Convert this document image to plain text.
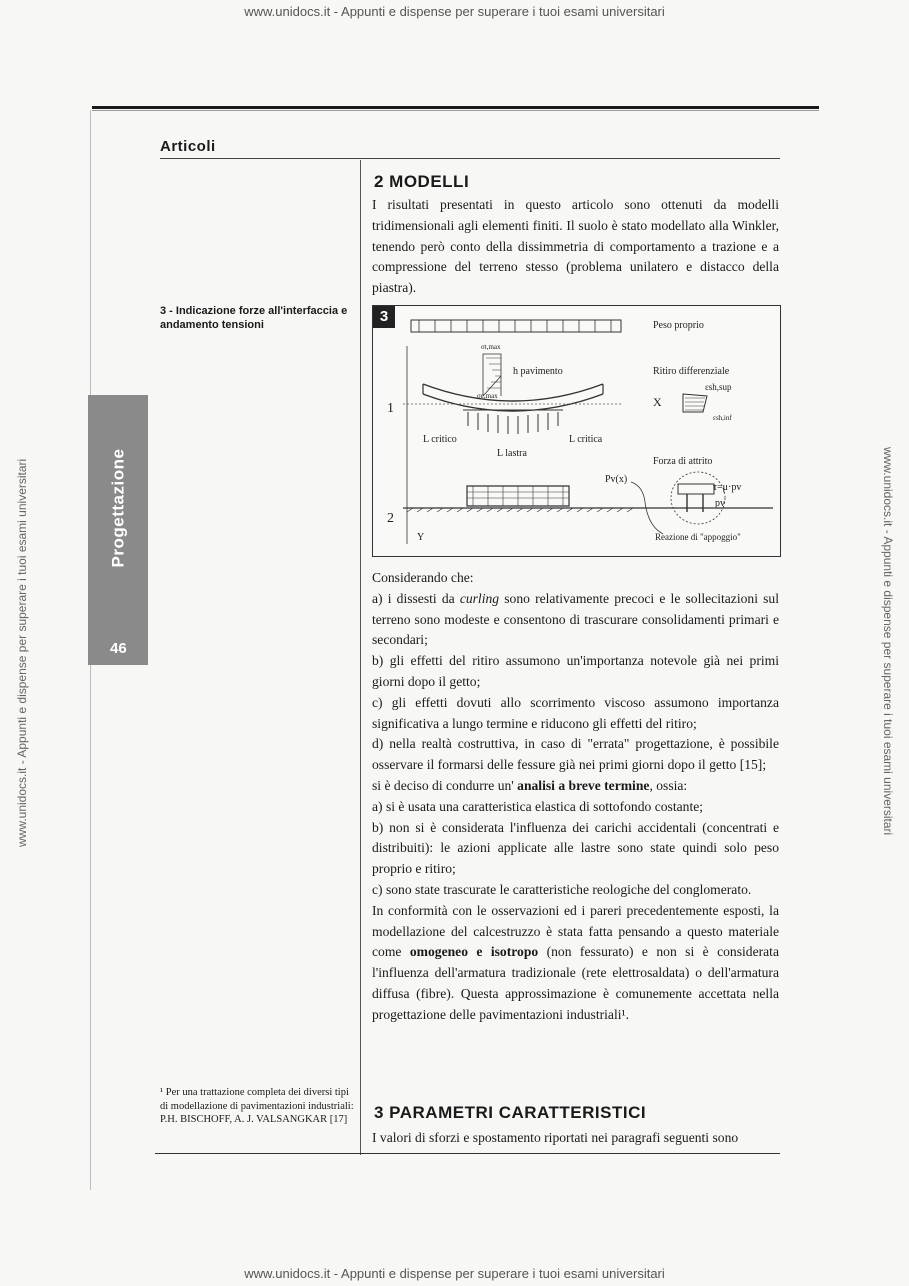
www.unidocs.it - Appunti e dispense per superare i tuoi esami universitari
www.unidocs.it - Appunti e dispense per superare i tuoi esami universitari
www.unidocs.it - Appunti e dispense per superare i tuoi esami universitari	www.unidocs.it - Appunti e dispense per superare i tuoi esami universitari
Articoli
Progettazione
46
3 - Indicazione forze all'interfaccia e andamento tensioni
¹ Per una trattazione completa dei diversi tipi di modellazione di pavimentazioni industriali: P.H. BISCHOFF, A. J. VALSANGKAR [17]
2 MODELLI
I risultati presentati in questo articolo sono ottenuti da modelli tridimensionali agli elementi finiti. Il suolo è stato modellato alla Winkler, tenendo però conto della dissimmetria di comportamento a trazione e a compressione del terreno stesso (problema unilatero e distacco della piastra).
3
Peso proprio
σt,max
σc,max
h pavimento
1
L critico	L critica
L lastra
Ritiro differenziale
εsh,sup
X
εsh,inf
Forza di attrito
τ=μ·pv
pv
2
Y
Pv(x)
Reazione di "appoggio"

Considerando che:

a) i dissesti da curling sono relativamente precoci e le sollecitazioni sul terreno sono modeste e consentono di trascurare consolidamenti primari e secondari;

b) gli effetti del ritiro assumono un'importanza notevole già nei primi giorni dopo il getto;

c) gli effetti dovuti allo scorrimento viscoso assumono importanza significativa a lungo termine e riducono gli effetti del ritiro;

d) nella realtà costruttiva, in caso di "errata" progettazione, è possibile osservare il formarsi delle fessure già nei primi giorni dopo il getto [15];

si è deciso di condurre un' analisi a breve termine, ossia:

a) si è usata una caratteristica elastica di sottofondo costante;

b) non si è considerata l'influenza dei carichi accidentali (concentrati e distribuiti): le azioni applicate alle lastre sono state quindi solo peso proprio e ritiro;

c) sono state trascurate le caratteristiche reologiche del conglomerato.

In conformità con le osservazioni ed i pareri precedentemente esposti, la modellazione del calcestruzzo è stata fatta pensando a questo materiale come omogeneo e isotropo (non fessurato) e non si è considerata l'influenza dell'armatura tradizionale (rete elettrosaldata) o dell'armatura diffusa (fibre). Questa approssimazione è comunemente accettata nella progettazione delle pavimentazioni industriali¹.

3 PARAMETRI CARATTERISTICI
I valori di sforzi e spostamento riportati nei paragrafi seguenti sono
